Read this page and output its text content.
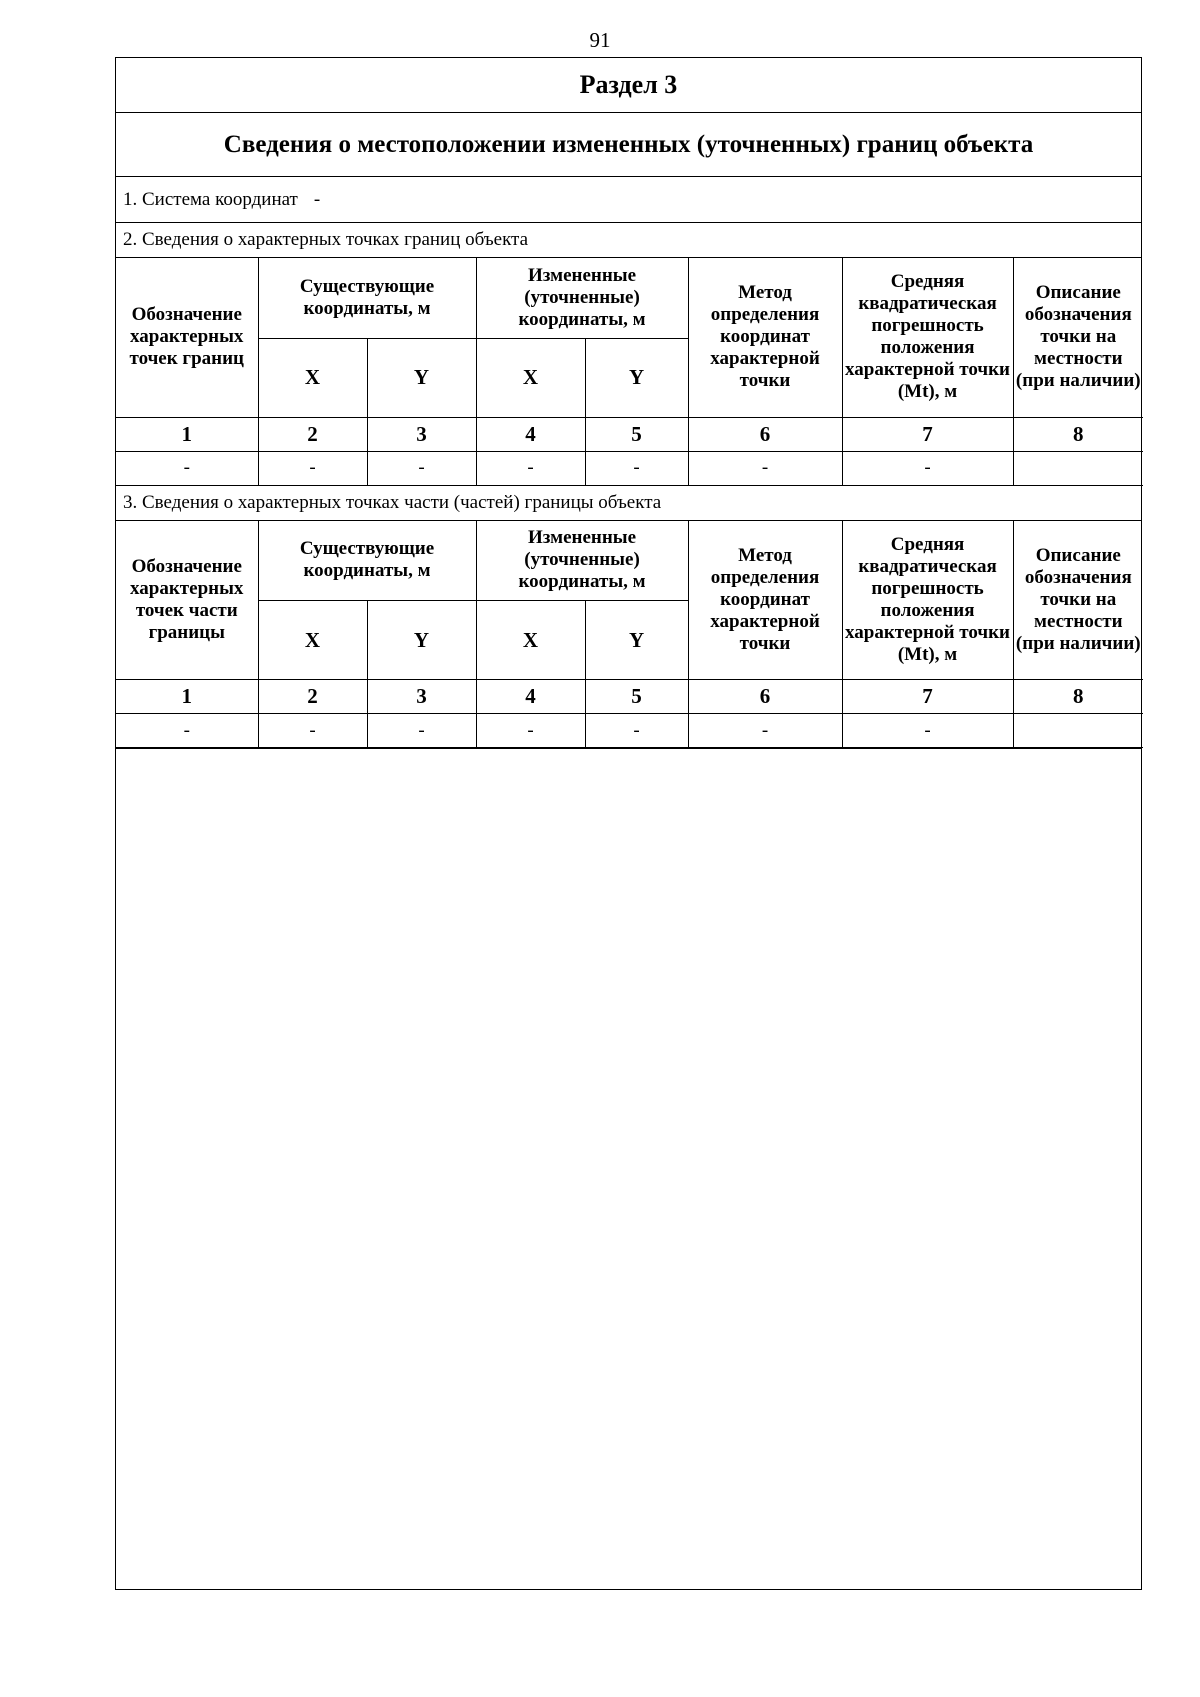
91
Раздел 3
Сведения о местоположении измененных (уточненных) границ объекта
1. Система координат -
2. Сведения о характерных точках границ объекта
Обозначение характерных точек границ	Существующие координаты, м		Измененные (уточненные) координаты, м		Метод определения координат характерной точки	Средняя квадратическая погрешность положения характерной точки (Mt), м	Описание обозначения точки на местности (при наличии)
	X	Y	X	Y			
1	2	3	4	5	6	7	8
-	-	-	-	-	-	-	
3. Сведения о характерных точках части (частей) границы объекта
Обозначение характерных точек части границы	Существующие координаты, м		Измененные (уточненные) координаты, м		Метод определения координат характерной точки	Средняя квадратическая погрешность положения характерной точки (Mt), м	Описание обозначения точки на местности (при наличии)
	X	Y	X	Y			
1	2	3	4	5	6	7	8
-	-	-	-	-	-	-	
